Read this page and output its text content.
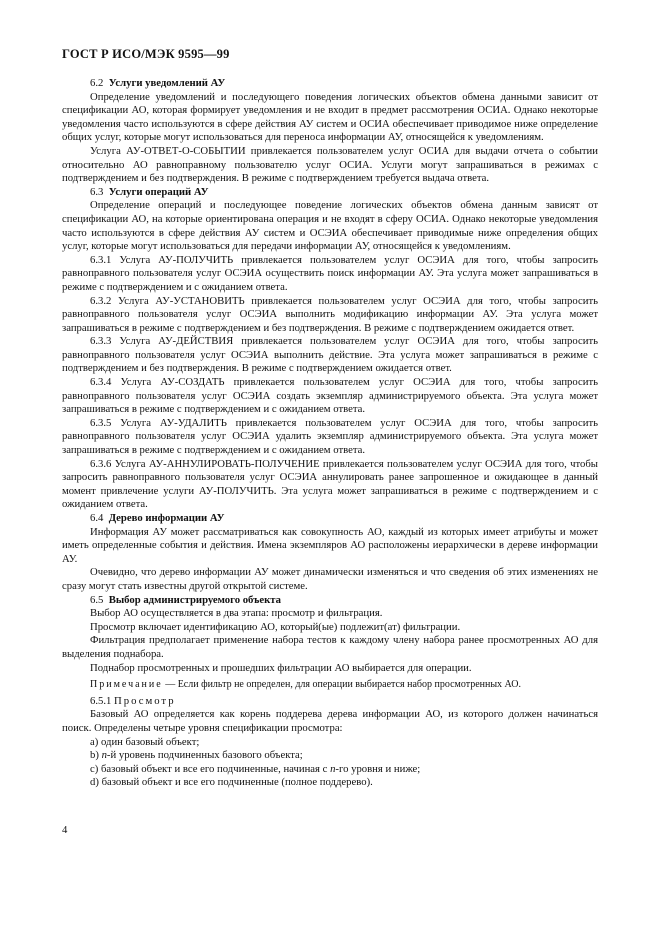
ГОСТ Р ИСО/МЭК 9595—99

6.2 Услуги уведомлений АУ

Определение уведомлений и последующего поведения логических объектов обмена данными зависит от спецификации АО, которая формирует уведомления и не входит в предмет рассмотрения ОСИА. Однако некоторые уведомления часто используются в сфере действия АУ систем и ОСИА обеспечивает приводимое ниже определение общих услуг, которые могут использоваться для переноса информации АУ, относящейся к уведомлениям.

Услуга АУ-ОТВЕТ-О-СОБЫТИИ привлекается пользователем услуг ОСИА для выдачи отчета о событии относительно АО равноправному пользователю услуг ОСИА. Услуги могут запрашиваться в режимах с подтверждением и без подтверждения. В режиме с подтверждением требуется выдача ответа.

6.3 Услуги операций АУ

Определение операций и последующее поведение логических объектов обмена данным зависят от спецификации АО, на которые ориентирована операция и не входят в сферу ОСИА. Однако некоторые уведомления часто используются в сфере действия АУ систем и ОСЭИА обеспечивает приводимые ниже определения общих услуг, которые могут использоваться для передачи информации АУ, относящейся к уведомлениям.

6.3.1 Услуга АУ-ПОЛУЧИТЬ привлекается пользователем услуг ОСЭИА для того, чтобы запросить равноправного пользователя услуг ОСЭИА осуществить поиск информации АУ. Эта услуга может запрашиваться в режиме с подтверждением и с ожиданием ответа.

6.3.2 Услуга АУ-УСТАНОВИТЬ привлекается пользователем услуг ОСЭИА для того, чтобы запросить равноправного пользователя услуг ОСЭИА выполнить модификацию информации АУ. Эта услуга может запрашиваться в режиме с подтверждением и без подтверждения. В режиме с подтверждением ожидается ответ.

6.3.3 Услуга АУ-ДЕЙСТВИЯ привлекается пользователем услуг ОСЭИА для того, чтобы запросить равноправного пользователя услуг ОСЭИА выполнить действие. Эта услуга может запрашиваться в режиме с подтверждением и без подтверждения. В режиме с подтверждением ожидается ответ.

6.3.4 Услуга АУ-СОЗДАТЬ привлекается пользователем услуг ОСЭИА для того, чтобы запросить равноправного пользователя услуг ОСЭИА создать экземпляр администрируемого объекта. Эта услуга может запрашиваться в режиме с подтверждением и с ожиданием ответа.

6.3.5 Услуга АУ-УДАЛИТЬ привлекается пользователем услуг ОСЭИА для того, чтобы запросить равноправного пользователя услуг ОСЭИА удалить экземпляр администрируемого объекта. Эта услуга может запрашиваться в режиме с подтверждением и с ожиданием ответа.

6.3.6 Услуга АУ-АННУЛИРОВАТЬ-ПОЛУЧЕНИЕ привлекается пользователем услуг ОСЭИА для того, чтобы запросить равноправного пользователя услуг ОСЭИА аннулировать ранее запрошенное и ожидающее в данный момент привлечение услуги АУ-ПОЛУЧИТЬ. Эта услуга может запрашиваться в режиме с подтверждением и с ожиданием ответа.

6.4 Дерево информации АУ

Информация АУ может рассматриваться как совокупность АО, каждый из которых имеет атрибуты и может иметь определенные события и действия. Имена экземпляров АО расположены иерархически в дереве информации АУ.

Очевидно, что дерево информации АУ может динамически изменяться и что сведения об этих изменениях не сразу могут стать известны другой открытой системе.

6.5 Выбор администрируемого объекта

Выбор АО осуществляется в два этапа: просмотр и фильтрация.

Просмотр включает идентификацию АО, который(ые) подлежит(ат) фильтрации.

Фильтрация предполагает применение набора тестов к каждому члену набора ранее просмотренных АО для выделения поднабора.

Поднабор просмотренных и прошедших фильтрации АО выбирается для операции.

Примечание — Если фильтр не определен, для операции выбирается набор просмотренных АО.

6.5.1 Просмотр

Базовый АО определяется как корень поддерева дерева информации АО, из которого должен начинаться поиск. Определены четыре уровня спецификации просмотра:

a) один базовый объект;

b) n-й уровень подчиненных базового объекта;

c) базовый объект и все его подчиненные, начиная с n-го уровня и ниже;

d) базовый объект и все его подчиненные (полное поддерево).

4
